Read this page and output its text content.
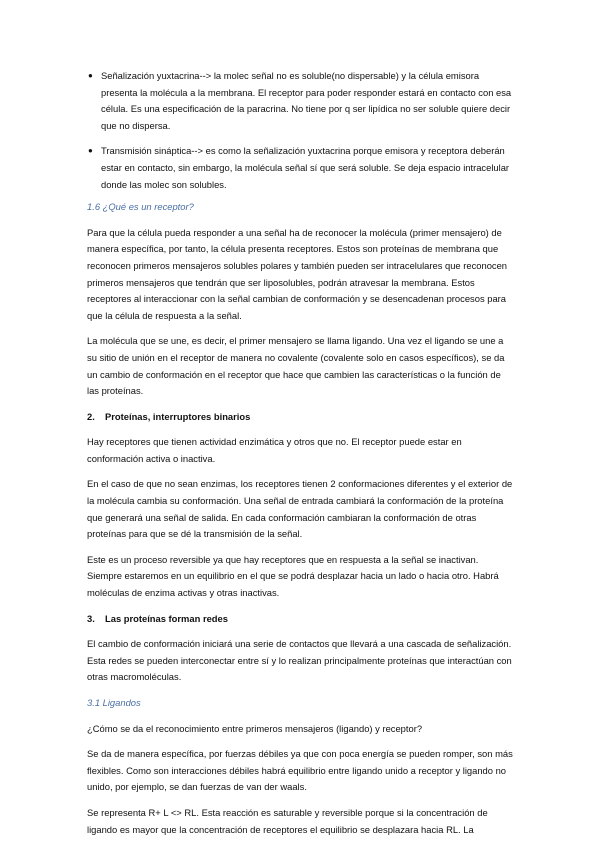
● Señalización yuxtacrina--> la molec señal no es soluble(no dispersable) y la célula emisora presenta la molécula a la membrana. El receptor para poder responder estará en contacto con esa célula. Es una especificación de la paracrina. No tiene por q ser lipídica no ser soluble quiere decir que no dispersa.
● Transmisión sináptica--> es como la señalización yuxtacrina porque emisora y receptora deberán estar en contacto, sin embargo, la molécula señal sí que será soluble. Se deja espacio intracelular donde las molec son solubles.
1.6 ¿Qué es un receptor?
Para que la célula pueda responder a una señal ha de reconocer la molécula (primer mensajero) de manera específica, por tanto, la célula presenta receptores. Estos son proteínas de membrana que reconocen primeros mensajeros solubles polares y también pueden ser intracelulares que reconocen primeros mensajeros que tendrán que ser liposolubles, podrán atravesar la membrana. Estos receptores al interaccionar con la señal cambian de conformación y se desencadenan procesos para que la célula de respuesta a la señal.
La molécula que se une, es decir, el primer mensajero se llama ligando. Una vez el ligando se une a su sitio de unión en el receptor de manera no covalente (covalente solo en casos específicos), se da un cambio de conformación en el receptor que hace que cambien las características o la función de las proteínas.
2.	Proteínas, interruptores binarios
Hay receptores que tienen actividad enzimática y otros que no. El receptor puede estar en conformación activa o inactiva.
En el caso de que no sean enzimas, los receptores tienen 2 conformaciones diferentes y el exterior de la molécula cambia su conformación. Una señal de entrada cambiará la conformación de la proteína que generará una señal de salida. En cada conformación cambiaran la conformación de otras proteínas para que se dé la transmisión de la señal.
Este es un proceso reversible ya que hay receptores que en respuesta a la señal se inactivan. Siempre estaremos en un equilibrio en el que se podrá desplazar hacia un lado o hacia otro. Habrá moléculas de enzima activas y otras inactivas.
3.	Las proteínas forman redes
El cambio de conformación iniciará una serie de contactos que llevará a una cascada de señalización. Esta redes se pueden interconectar entre sí y lo realizan principalmente proteínas que interactúan con otras macromoléculas.
3.1 Ligandos
¿Cómo se da el reconocimiento entre primeros mensajeros (ligando) y receptor?
Se da de manera específica, por fuerzas débiles ya que con poca energía se pueden romper, son más flexibles. Como son interacciones débiles habrá equilibrio entre ligando unido a receptor y ligando no unido, por ejemplo, se dan fuerzas de van der waals.
Se representa R+ L <> RL. Esta reacción es saturable y reversible porque si la concentración de ligando es mayor que la concentración de receptores el equilibrio se desplazara hacia RL. La
